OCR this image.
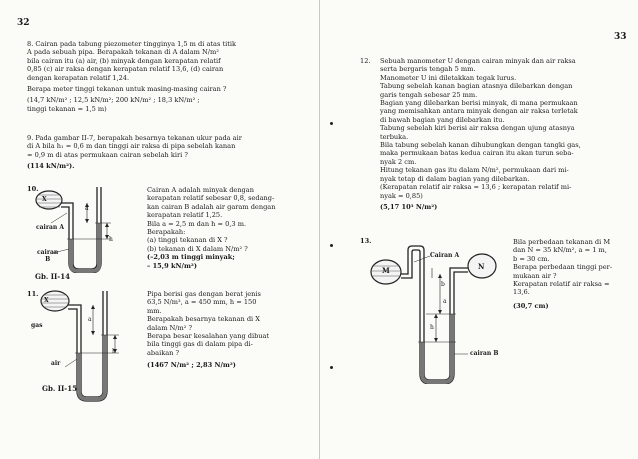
32
8. Cairan pada tabung piezometer tingginya 1,5 m di atas titik
A pada sebuah pipa. Berapakah tekanan di A dalam N/m²
bila cairan itu (a) air, (b) minyak dengan kerapatan relatif
0,85 (c) air raksa dengan kerapatan relatif 13,6, (d) cairan
dengan kerapatan relatif 1,24.
Berapa meter tinggi tekanan untuk masing-masing cairan ?
(14,7 kN/m² ; 12,5 kN/m²; 200 kN/m² ; 18,3 kN/m² ;
tinggi tekanan = 1,5 m)
9. Pada gambar II-7, berapakah besarnya tekanan ukur pada air
di A bila h₁ = 0,6 m dan tinggi air raksa di pipa sebelah kanan
= 0,9 m di atas permukaan cairan sebelah kiri ?
(114 kN/m²).
10.
X
a
h
cairan A
cairan
B
Gb. II-14
Cairan A adalah minyak dengan
kerapatan relatif sebesar 0,8, sedang-
kan cairan B adalah air garam dengan
kerapatan relatif 1,25.
Bila a = 2,5 m dan h = 0,3 m.
Berapakah:
(a) tinggi tekanan di X ?
(b) tekanan di X dalam N/m² ?
(–2,03 m tinggi minyak;
– 15,9 kN/m²)
11.
X
a
h
gas
air
Gb. II-15
Pipa berisi gas dengan berat jenis
63,5 N/m³, a = 450 mm, h = 150
mm.
Berapakah besarnya tekanan di X
dalam N/m² ?
Berapa besar kesalahan yang dibuat
bila tinggi gas di dalam pipa di-
abaikan ?
(1467 N/m² ; 2,83 N/m²)
33
12. Sebuah manometer U dengan cairan minyak dan air raksa
serta bergaris tengah 5 mm.
Manometer U ini diletakkan tegak lurus.
Tabung sebelah kanan bagian atasnya dilebarkan dengan
garis tengah sebesar 25 mm.
Bagian yang dilebarkan berisi minyak, di mana permukaan
yang memisahkan antara minyak dengan air raksa terletak
di bawah bagian yang dilebarkan itu.
Tabung sebelah kiri berisi air raksa dengan ujung atasnya
terbuka.
Bila tabung sebelah kanan dihubungkan dengan tangki gas,
maka permukaan batas kedua cairan itu akan turun seba-
nyak 2 cm.
Hitung tekanan gas itu dalam N/m², permukaan dari mi-
nyak tetap di dalam bagian yang dilebarkan.
(Kerapatan relatif air raksa = 13,6 ; kerapatan relatif mi-
nyak = 0,85)
(5,17 10³ N/m²)
13.
M	N
Cairan A
b
a
h
cairan B
Bila perbedaan tekanan di M
dan N = 35 kN/m², a = 1 m,
b = 30 cm.
Berapa perbedaan tinggi per-
mukaan air ?
Kerapatan relatif air raksa =
13,6.
(30,7 cm)
